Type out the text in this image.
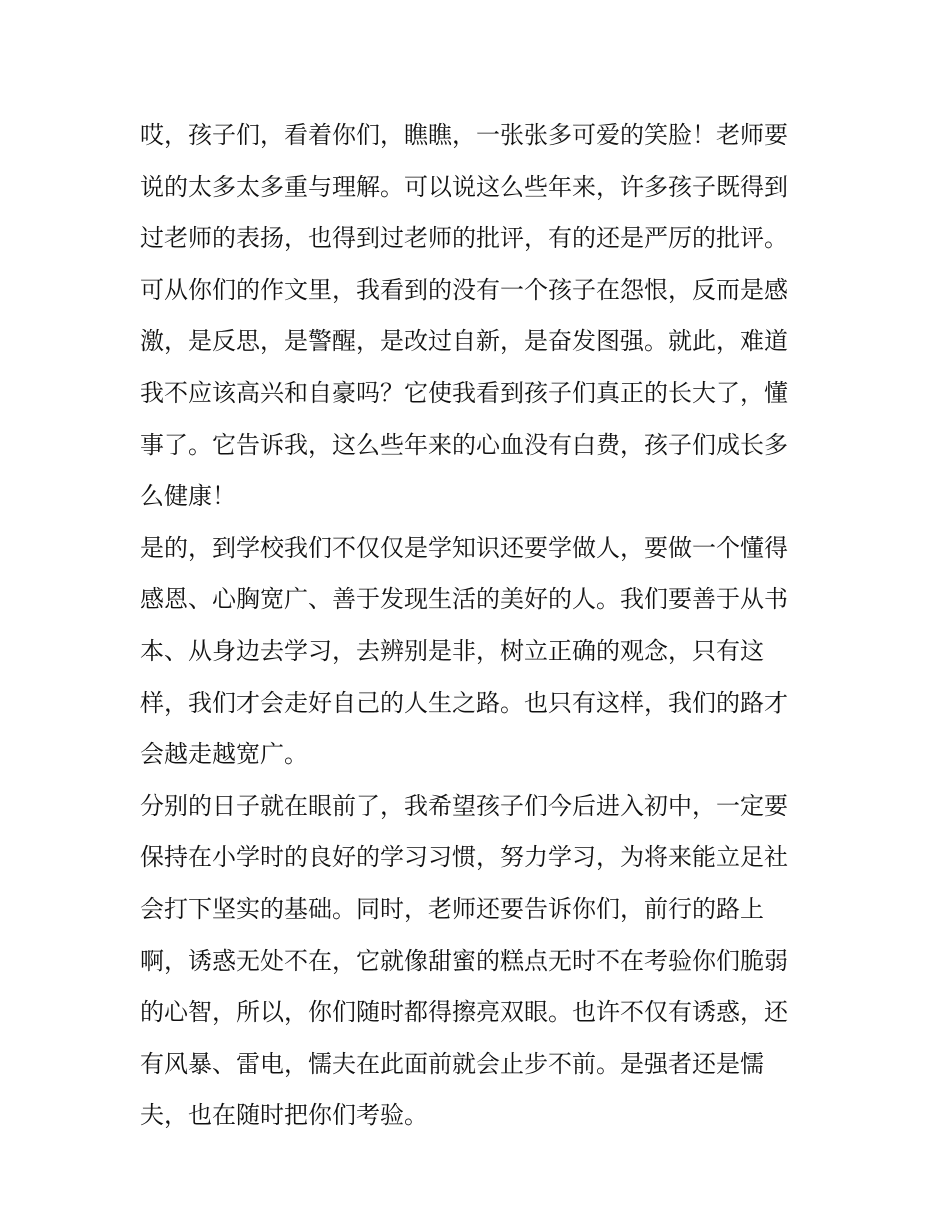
哎，孩子们，看着你们，瞧瞧，一张张多可爱的笑脸！老师要
说的太多太多重与理解。可以说这么些年来，许多孩子既得到
过老师的表扬，也得到过老师的批评，有的还是严厉的批评。
可从你们的作文里，我看到的没有一个孩子在怨恨，反而是感
激，是反思，是警醒，是改过自新，是奋发图强。就此，难道
我不应该高兴和自豪吗？它使我看到孩子们真正的长大了，懂
事了。它告诉我，这么些年来的心血没有白费，孩子们成长多
么健康！
是的，到学校我们不仅仅是学知识还要学做人，要做一个懂得
感恩、心胸宽广、善于发现生活的美好的人。我们要善于从书
本、从身边去学习，去辨别是非，树立正确的观念，只有这
样，我们才会走好自己的人生之路。也只有这样，我们的路才
会越走越宽广。
分别的日子就在眼前了，我希望孩子们今后进入初中，一定要
保持在小学时的良好的学习习惯，努力学习，为将来能立足社
会打下坚实的基础。同时，老师还要告诉你们，前行的路上
啊，诱惑无处不在，它就像甜蜜的糕点无时不在考验你们脆弱
的心智，所以，你们随时都得擦亮双眼。也许不仅有诱惑，还
有风暴、雷电，懦夫在此面前就会止步不前。是强者还是懦
夫，也在随时把你们考验。
